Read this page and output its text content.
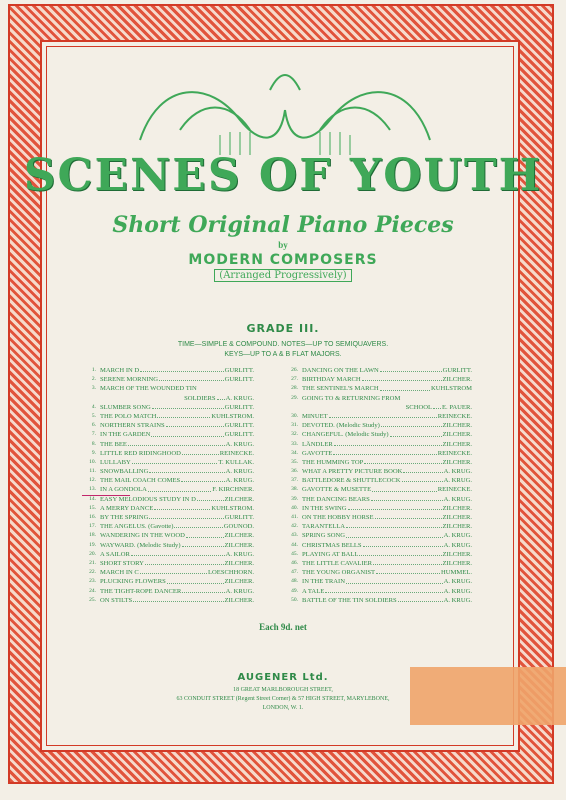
SCENES OF YOUTH
Short Original Piano Pieces
by
MODERN COMPOSERS
(Arranged Progressively)
GRADE III.
TIME—SIMPLE & COMPOUND. NOTES—UP TO SEMIQUAVERS.
KEYS—UP TO A & B FLAT MAJORS.
1. MARCH IN D	GURLITT.
2. SERENE MORNING	GURLITT.
3. MARCH OF THE WOUNDED TIN
SOLDIERS A. KRUG.
4. SLUMBER SONG	GURLITT.
5. THE POLO MATCH	KUHLSTROM.
6. NORTHERN STRAINS	GURLITT.
7. IN THE GARDEN	GURLITT.
8. THE BEE	A. KRUG.
9. LITTLE RED RIDINGHOOD	REINECKE.
10. LULLABY	T. KULLAK.
11. SNOWBALLING	A. KRUG.
12. THE MAIL COACH COMES	A. KRUG.
13. IN A GONDOLA	F. KIRCHNER.
14. EASY MELODIOUS STUDY IN D	ZILCHER.
15. A MERRY DANCE	KUHLSTROM.
16. BY THE SPRING	GURLITT.
17. THE ANGELUS. (Gavotte)	GOUNOD.
18. WANDERING IN THE WOOD	ZILCHER.
19. WAYWARD. (Melodic Study)	ZILCHER.
20. A SAILOR	A. KRUG.
21. SHORT STORY	ZILCHER.
22. MARCH IN C	LOESCHHORN.
23. PLUCKING FLOWERS	ZILCHER.
24. THE TIGHT-ROPE DANCER	A. KRUG.
25. ON STILTS	ZILCHER.
26. DANCING ON THE LAWN	GURLITT.
27. BIRTHDAY MARCH	ZILCHER.
28. THE SENTINEL'S MARCH	KUHLSTROM
29. GOING TO & RETURNING FROM
SCHOOL E. PAUER.
30. MINUET	REINECKE.
31. DEVOTED. (Melodic Study)	ZILCHER.
32. CHANGEFUL. (Melodic Study)	ZILCHER.
33. LÄNDLER	ZILCHER.
34. GAVOTTE	REINECKE.
35. THE HUMMING TOP	ZILCHER.
36. WHAT A PRETTY PICTURE BOOK	A. KRUG.
37. BATTLEDORE & SHUTTLECOCK	A. KRUG.
38. GAVOTTE & MUSETTE	REINECKE.
39. THE DANCING BEARS	A. KRUG.
40. IN THE SWING	ZILCHER.
41. ON THE HOBBY HORSE	ZILCHER.
42. TARANTELLA	ZILCHER.
43. SPRING SONG	A. KRUG.
44. CHRISTMAS BELLS	A. KRUG.
45. PLAYING AT BALL	ZILCHER.
46. THE LITTLE CAVALIER	ZILCHER.
47. THE YOUNG ORGANIST	HUMMEL.
48. IN THE TRAIN	A. KRUG.
49. A TALE	A. KRUG.
50. BATTLE OF THE TIN SOLDIERS	A. KRUG.
Each 9d. net
AUGENER Ltd.
18 GREAT MARLBOROUGH STREET,
63 CONDUIT STREET (Regent Street Corner) & 57 HIGH STREET, MARYLEBONE,
LONDON, W. 1.
